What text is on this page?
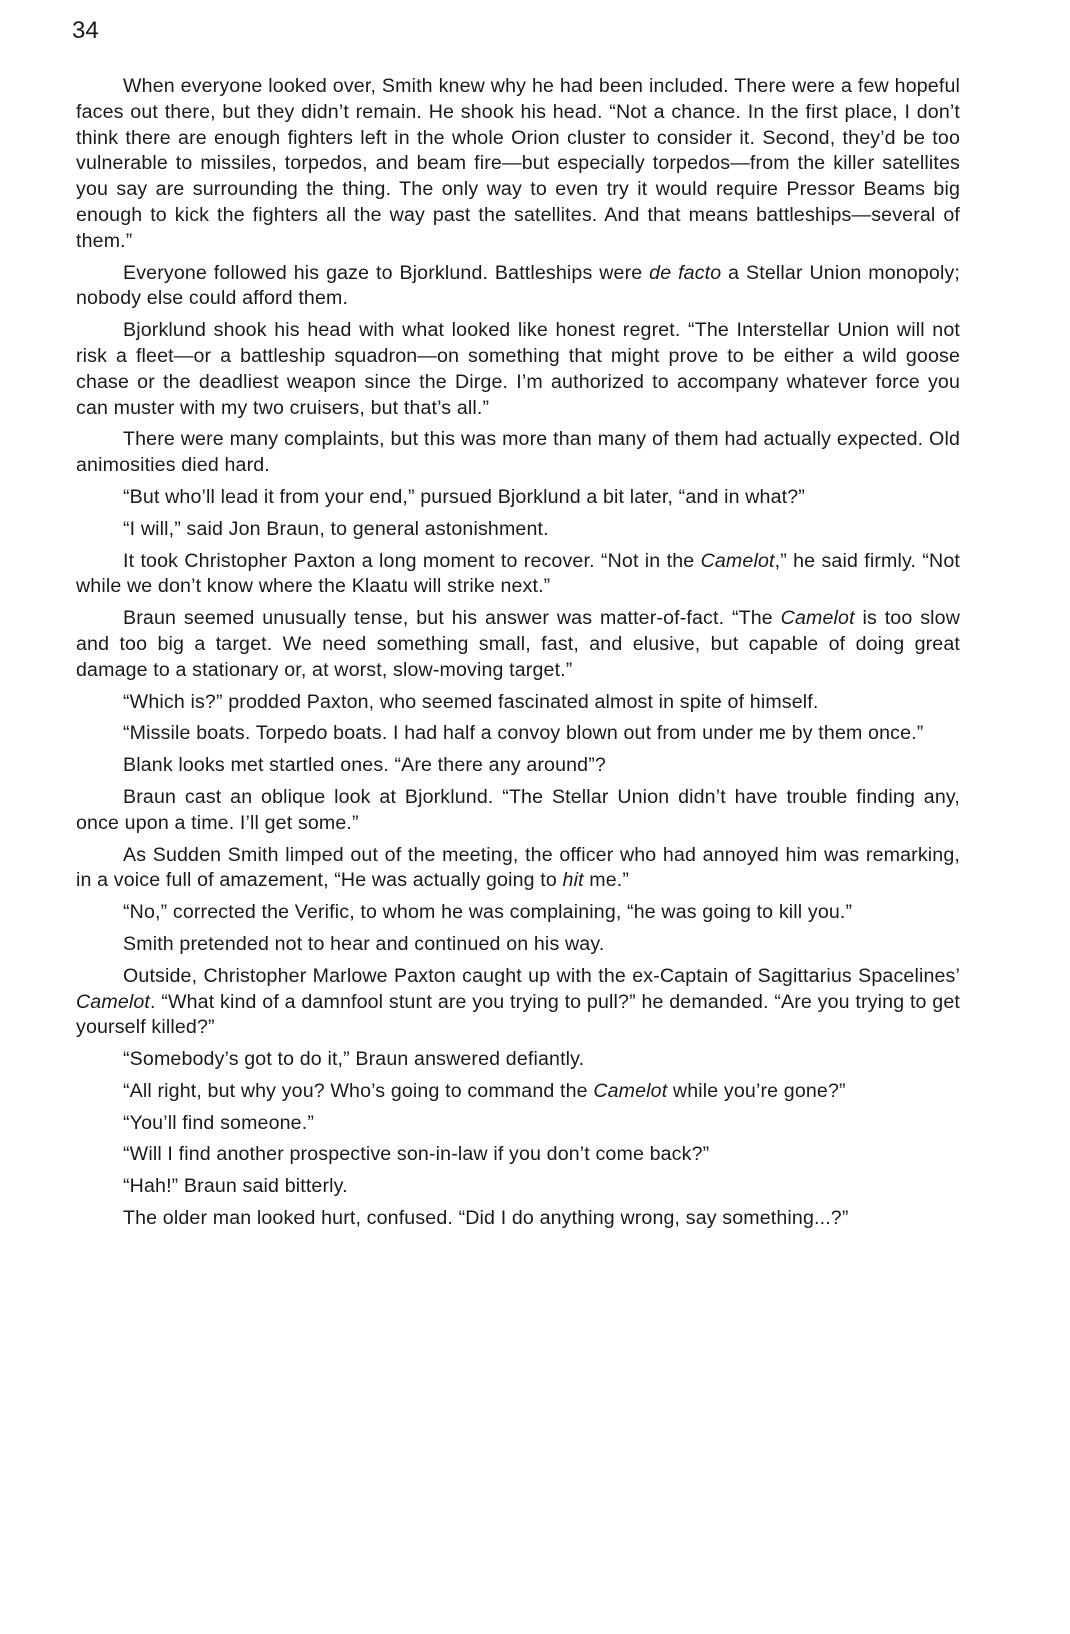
34

When everyone looked over, Smith knew why he had been included. There were a few hopeful faces out there, but they didn’t remain. He shook his head. “Not a chance. In the first place, I don’t think there are enough fighters left in the whole Orion cluster to consider it. Second, they’d be too vulnerable to missiles, torpedos, and beam fire—but especially torpedos—from the killer satellites you say are surrounding the thing. The only way to even try it would require Pressor Beams big enough to kick the fighters all the way past the satellites. And that means battleships—several of them.”

Everyone followed his gaze to Bjorklund. Battleships were de facto a Stellar Union monopoly; nobody else could afford them.

Bjorklund shook his head with what looked like honest regret. “The Interstellar Union will not risk a fleet—or a battleship squadron—on something that might prove to be either a wild goose chase or the deadliest weapon since the Dirge. I’m authorized to accompany whatever force you can muster with my two cruisers, but that’s all.”

There were many complaints, but this was more than many of them had actually expected. Old animosities died hard.

“But who’ll lead it from your end,” pursued Bjorklund a bit later, “and in what?”

“I will,” said Jon Braun, to general astonishment.

It took Christopher Paxton a long moment to recover. “Not in the Camelot,” he said firmly. “Not while we don’t know where the Klaatu will strike next.”

Braun seemed unusually tense, but his answer was matter-of-fact. “The Camelot is too slow and too big a target. We need something small, fast, and elusive, but capable of doing great damage to a stationary or, at worst, slow-moving target.”

“Which is?” prodded Paxton, who seemed fascinated almost in spite of himself.

“Missile boats. Torpedo boats. I had half a convoy blown out from under me by them once.”

Blank looks met startled ones. “Are there any around”?

Braun cast an oblique look at Bjorklund. “The Stellar Union didn’t have trouble finding any, once upon a time. I’ll get some.”

As Sudden Smith limped out of the meeting, the officer who had annoyed him was remarking, in a voice full of amazement, “He was actually going to hit me.”

“No,” corrected the Verific, to whom he was complaining, “he was going to kill you.”

Smith pretended not to hear and continued on his way.

Outside, Christopher Marlowe Paxton caught up with the ex-Captain of Sagittarius Spacelines’ Camelot. “What kind of a damnfool stunt are you trying to pull?” he demanded. “Are you trying to get yourself killed?”

“Somebody’s got to do it,” Braun answered defiantly.

“All right, but why you? Who’s going to command the Camelot while you’re gone?”

“You’ll find someone.”

“Will I find another prospective son-in-law if you don’t come back?”

“Hah!” Braun said bitterly.

The older man looked hurt, confused. “Did I do anything wrong, say something...?”
